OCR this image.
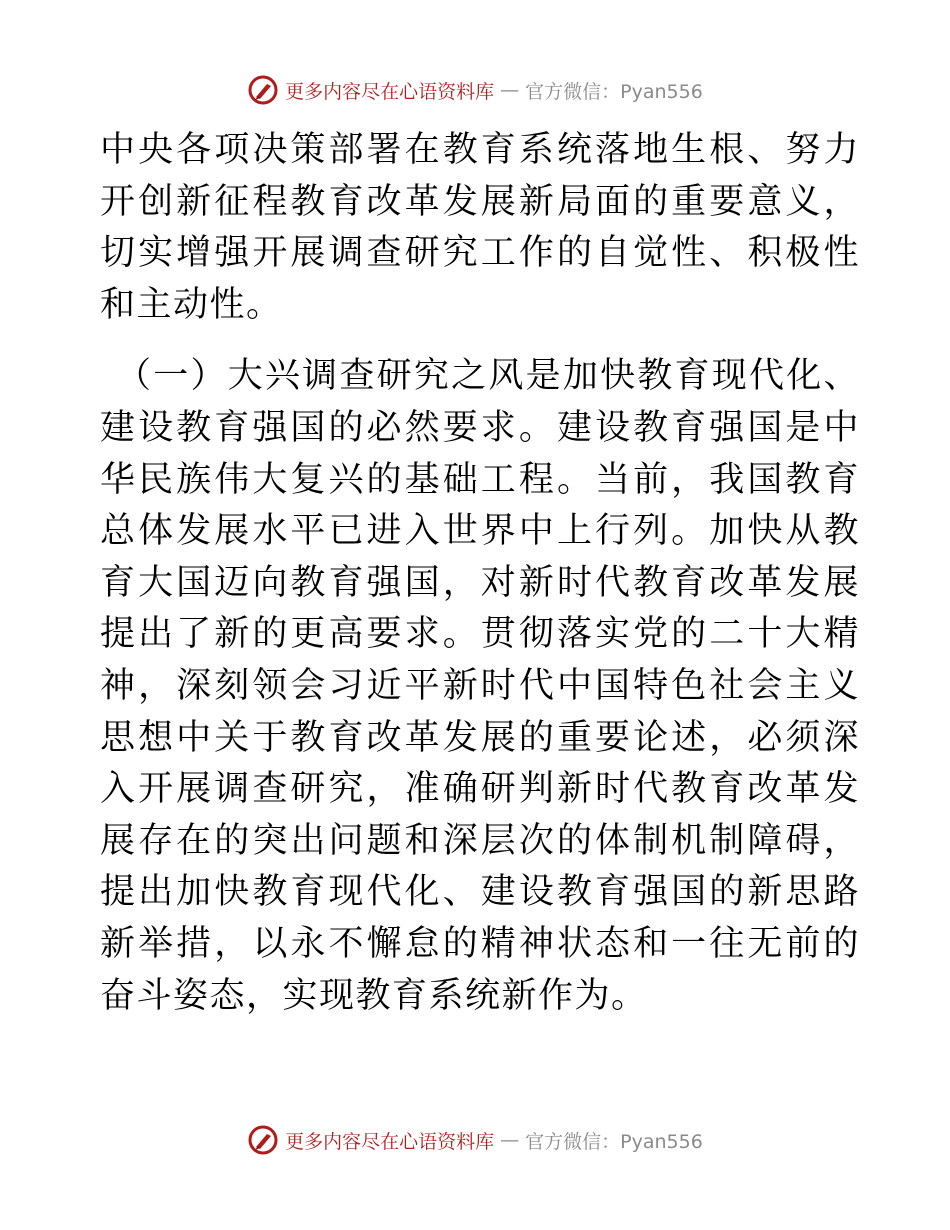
更多内容尽在心语资料库 — 官方微信：Pyan556

中央各项决策部署在教育系统落地生根、努力开创新征程教育改革发展新局面的重要意义，切实增强开展调查研究工作的自觉性、积极性和主动性。

（一）大兴调查研究之风是加快教育现代化、建设教育强国的必然要求。建设教育强国是中华民族伟大复兴的基础工程。当前，我国教育总体发展水平已进入世界中上行列。加快从教育大国迈向教育强国，对新时代教育改革发展提出了新的更高要求。贯彻落实党的二十大精神，深刻领会习近平新时代中国特色社会主义思想中关于教育改革发展的重要论述，必须深入开展调查研究，准确研判新时代教育改革发展存在的突出问题和深层次的体制机制障碍，提出加快教育现代化、建设教育强国的新思路新举措，以永不懈怠的精神状态和一往无前的奋斗姿态，实现教育系统新作为。

更多内容尽在心语资料库 — 官方微信：Pyan556
